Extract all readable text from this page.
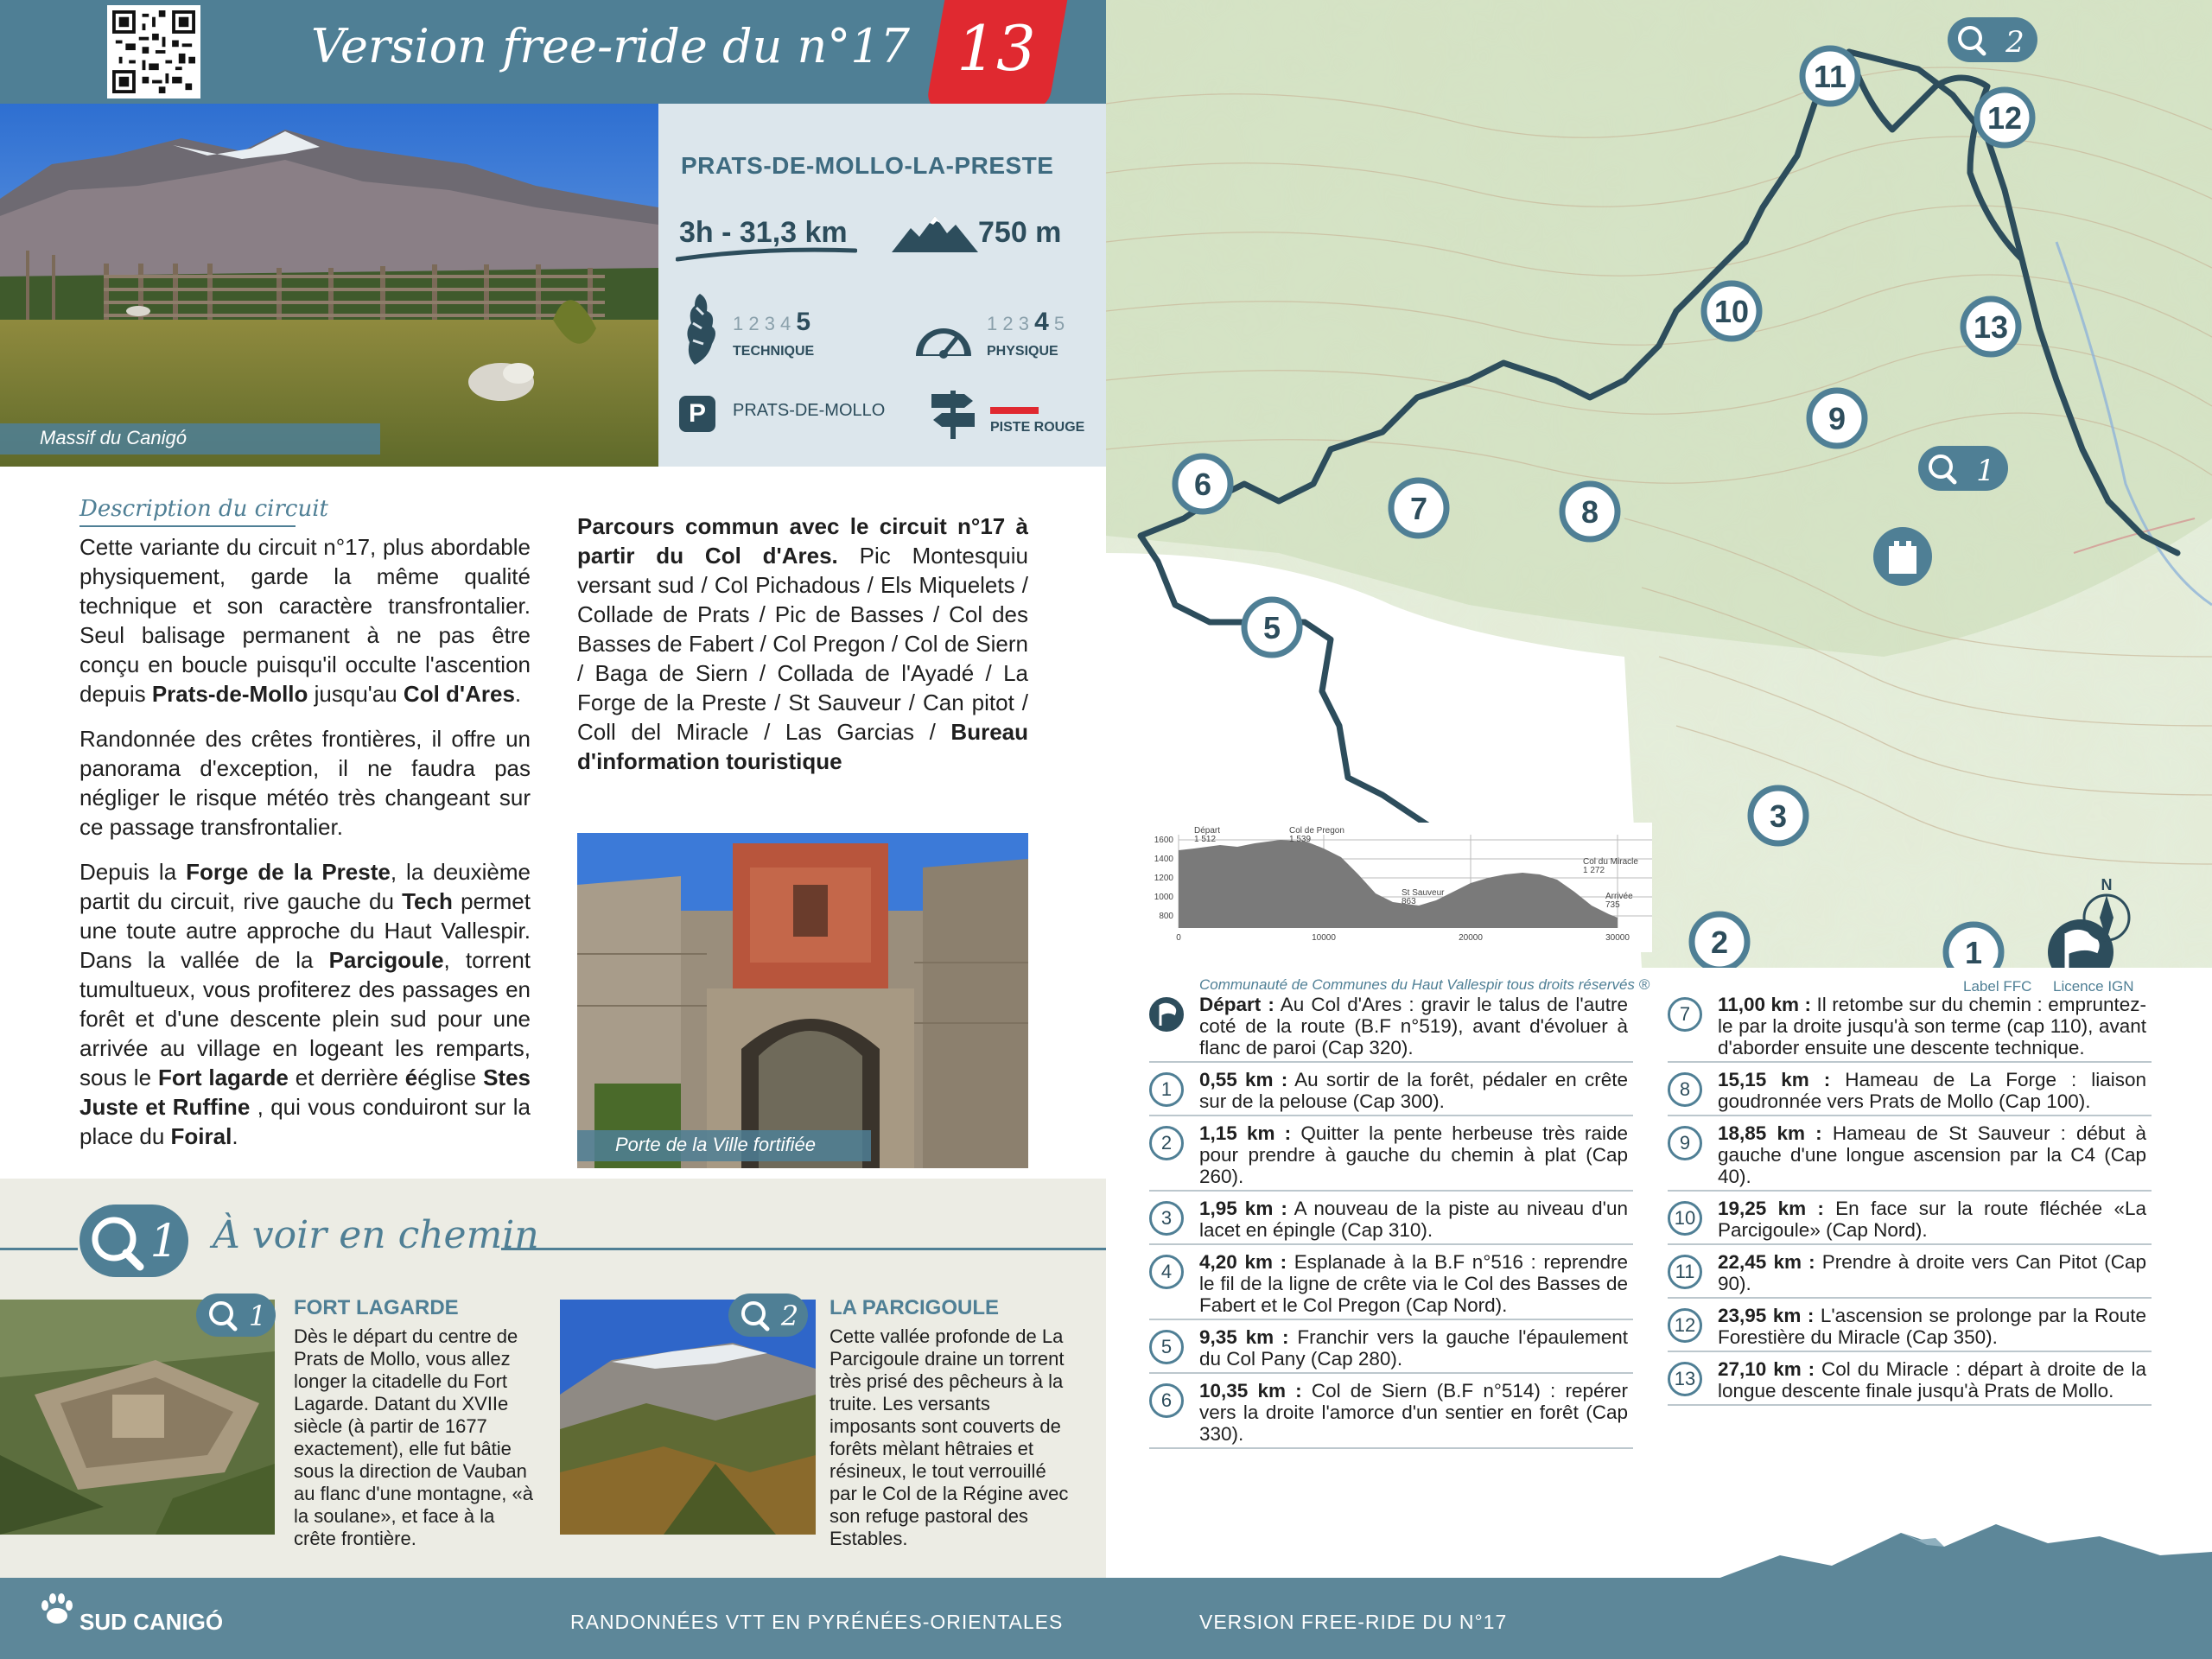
Version free-ride du n°17 13
Massif du Canigó
PRATS-DE-MOLLO-LA-PRESTE
3h - 31,3 km	750 m
1 2 3 4 5
TECHNIQUE
1 2 3 4 5
PHYSIQUE
P	PRATS-DE-MOLLO
PISTE ROUGE
Description du circuit

Cette variante du circuit n°17, plus abordable physiquement, garde la même qualité technique et son caractère transfrontalier. Seul balisage permanent à ne pas être conçu en boucle puisqu'il occulte l'ascention depuis Prats-de-Mollo jusqu'au Col d'Ares.

Randonnée des crêtes frontières, il offre un panorama d'exception, il ne faudra pas négliger le risque météo très changeant sur ce passage transfrontalier.

Depuis la Forge de la Preste, la deuxième partit du circuit, rive gauche du Tech permet une toute autre approche du Haut Vallespir. Dans la vallée de la Parcigoule, torrent tumultueux, vous profiterez des passages en forêt et d'une descente plein sud pour une arrivée au village en logeant les remparts, sous le Fort lagarde et derrière ééglise Stes Juste et Ruffine , qui vous conduiront sur la place du Foiral.

Parcours commun avec le circuit n°17 à partir du Col d'Ares. Pic Montesquiu versant sud / Col Pichadous / Els Miquelets / Collade de Prats / Pic de Basses / Col des Basses de Fabert / Col Pregon / Col de Siern / Baga de Siern / Collada de l'Ayadé / La Forge de la Preste / St Sauveur / Can pitot / Coll del Miracle / Las Garcias / Bureau d'information touristique

Porte de la Ville fortifiée
1 À voir en chemin
1 FORT LAGARDE
Dès le départ du centre de Prats de Mollo, vous allez longer la citadelle du Fort Lagarde. Datant du XVIIe siècle (à partir de 1677 exactement), elle fut bâtie sous la direction de Vauban au flanc d'une montagne, «à la soulane», et face à la crête frontière.
2 LA PARCIGOULE
Cette vallée profonde de La Parcigoule draine un torrent très prisé des pêcheurs à la truite. Les versants imposants sont couverts de forêts mèlant hêtraies et résineux, le tout verrouillé par le Col de la Régine avec son refuge pastoral des Estables.
SUD CANIGÓ	RANDONNÉES VTT EN PYRÉNÉES-ORIENTALES
1
2
3
5
6
7	8
9
10
11
12
13
1
2
N
1600
1400
1200
1000
800
0	10000	20000	30000
Départ
1 512
Col de Pregon
1 539
St Sauveur
863
Col du Miracle
1 272
Arrivée
735
Communauté de Communes du Haut Vallespir tous droits réservés ®	Label FFC Licence IGN

Départ : Au Col d'Ares : gravir le talus de l'autre coté de la route (B.F n°519), avant d'évoluer à flanc de paroi (Cap 320).

1	0,55 km : Au sortir de la forêt, pédaler en crête sur de la pelouse (Cap 300).

2	1,15 km : Quitter la pente herbeuse très raide pour prendre à gauche du chemin à plat (Cap 260).

3	1,95 km : A nouveau de la piste au niveau d'un lacet en épingle (Cap 310).

4	4,20 km : Esplanade à la B.F n°516 : reprendre le fil de la ligne de crête via le Col des Basses de Fabert et le Col Pregon (Cap Nord).

5	9,35 km : Franchir vers la gauche l'épaulement du Col Pany (Cap 280).

6	10,35 km : Col de Siern (B.F n°514) : repérer vers la droite l'amorce d'un sentier en forêt (Cap 330).

7	11,00 km : Il retombe sur du chemin : empruntez-le par la droite jusqu'à son terme (cap 110), avant d'aborder ensuite une descente technique.

8	15,15 km : Hameau de La Forge : liaison goudronnée vers Prats de Mollo (Cap 100).

9	18,85 km : Hameau de St Sauveur : début à gauche d'une longue ascension par la C4 (Cap 40).

10	19,25 km : En face sur la route fléchée «La Parcigoule» (Cap Nord).

11	22,45 km : Prendre à droite vers Can Pitot (Cap 90).

12	23,95 km : L'ascension se prolonge par la Route Forestière du Miracle (Cap 350).

13	27,10 km : Col du Miracle : départ à droite de la longue descente finale jusqu'à Prats de Mollo.

VERSION FREE-RIDE DU N°17
